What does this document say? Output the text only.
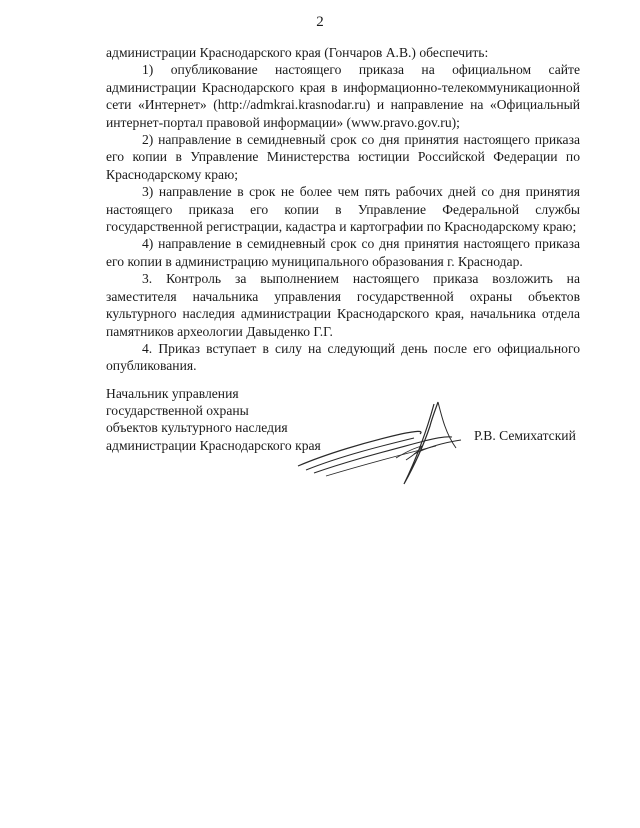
2

администрации Краснодарского края (Гончаров А.В.) обеспечить:

1) опубликование настоящего приказа на официальном сайте администрации Краснодарского края в информационно-телекоммуникационной сети «Интернет» (http://admkrai.krasnodar.ru) и направление на «Официальный интернет-портал правовой информации» (www.pravo.gov.ru);

2) направление в семидневный срок со дня принятия настоящего приказа его копии в Управление Министерства юстиции Российской Федерации по Краснодарскому краю;

3) направление в срок не более чем пять рабочих дней со дня принятия настоящего приказа его копии в Управление Федеральной службы государственной регистрации, кадастра и картографии по Краснодарскому краю;

4) направление в семидневный срок со дня принятия настоящего приказа его копии в администрацию муниципального образования г. Краснодар.

3. Контроль за выполнением настоящего приказа возложить на заместителя начальника управления государственной охраны объектов культурного наследия администрации Краснодарского края, начальника отдела памятников археологии Давыденко Г.Г.

4. Приказ вступает в силу на следующий день после его официального опубликования.

Начальник управления
государственной охраны
объектов культурного наследия
администрации Краснодарского края
Р.В. Семихатский
